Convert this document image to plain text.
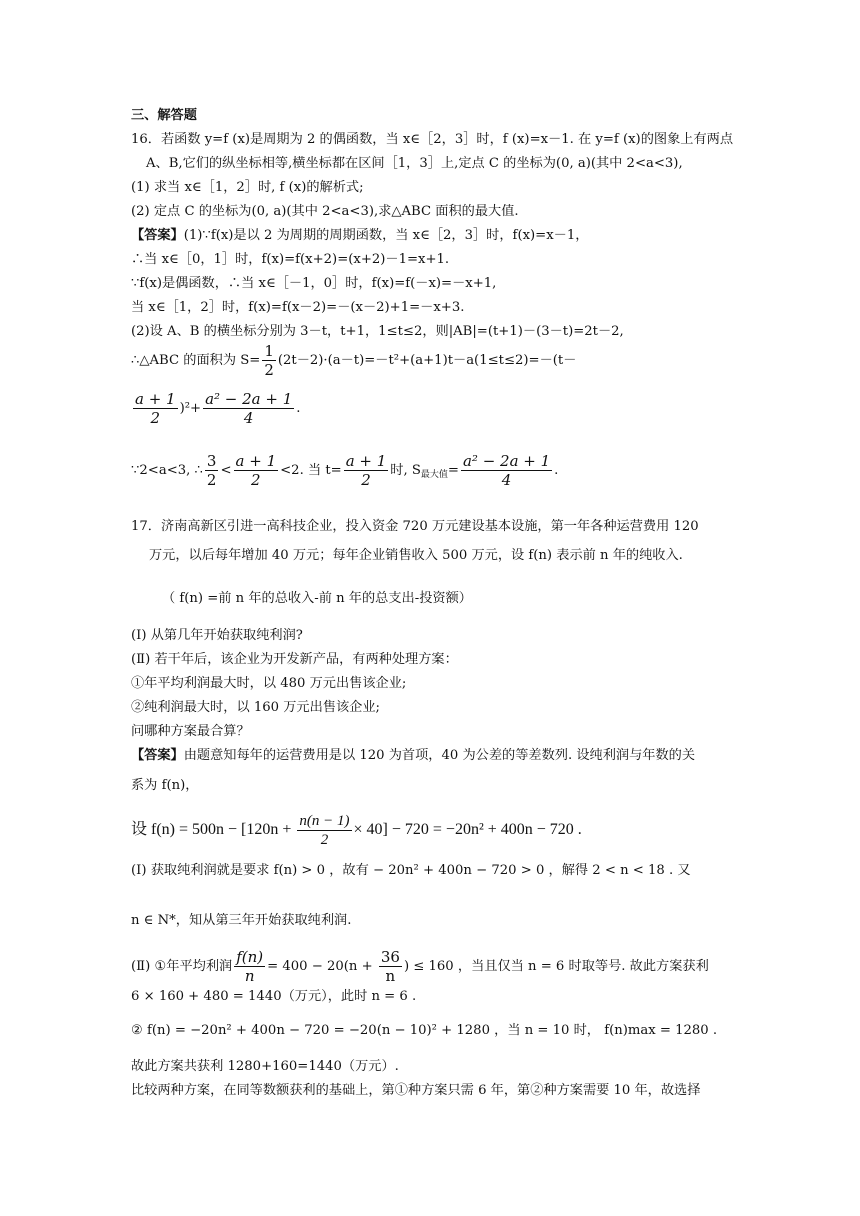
三、解答题
16．若函数 y=f (x)是周期为 2 的偶函数，当 x∈［2，3］时，f (x)=x－1. 在 y=f (x)的图象上有两点
A、B,它们的纵坐标相等,横坐标都在区间［1，3］上,定点 C 的坐标为(0, a)(其中 2<a<3),
(1) 求当 x∈［1，2］时, f (x)的解析式;
(2) 定点 C 的坐标为(0, a)(其中 2<a<3),求△ABC 面积的最大值.
【答案】(1)∵f(x)是以 2 为周期的周期函数，当 x∈［2，3］时，f(x)=x－1，
∴当 x∈［0，1］时，f(x)=f(x+2)=(x+2)－1=x+1.
∵f(x)是偶函数，∴当 x∈［－1，0］时，f(x)=f(－x)=－x+1,
当 x∈［1，2］时，f(x)=f(x－2)=－(x－2)+1=－x+3.
(2)设 A、B 的横坐标分别为 3－t，t+1，1≤t≤2，则|AB|=(t+1)－(3－t)=2t－2,
∴△ABC 的面积为 $S= \frac{1}{2} (2t-2)\cdot(a-t)=-t^2+(a+1)t-a(1\le t\le 2)=-(t-$
$\frac{a + 1}{2} )^2+ \frac{\text{a² − 2a + 1}}{4}$ .
∵2<a<3, ∴ $\frac{3}{2} < \frac{a + 1}{2} <2$. 当 $t= \frac{a + 1}{2}$ 时, $S_{最大值}= \frac{\text{a² − 2a + 1}}{4}$ .
17．济南高新区引进一高科技企业，投入资金 720 万元建设基本设施，第一年各种运营费用 120
万元，以后每年增加 40 万元；每年企业销售收入 500 万元，设 f(n) 表示前 n 年的纯收入.
（ f(n) =前 n 年的总收入-前 n 年的总支出-投资额）
(Ⅰ) 从第几年开始获取纯利润?
(Ⅱ) 若干年后，该企业为开发新产品，有两种处理方案：
①年平均利润最大时，以 480 万元出售该企业;
②纯利润最大时，以 160 万元出售该企业;
问哪种方案最合算？
【答案】由题意知每年的运营费用是以 120 为首项，40 为公差的等差数列. 设纯利润与年数的关
系为 f(n)，
设 $f(n) = 500n - [120n + \frac{n(n - 1)}{2} \times 40] - 720 = -20n^2 + 400n - 720$ .
(Ⅰ) 获取纯利润就是要求 f(n) > 0 ，故有 − 20n² + 400n − 720 > 0 ，解得 2 < n < 18 . 又
n ∈ N*，知从第三年开始获取纯利润.
(Ⅱ) ①年平均利润 $\frac{f(n)}{n} = 400 - 20(n + \frac{36}{n}$ ) ≤ 160 ，当且仅当 n = 6 时取等号. 故此方案获利
6 × 160 + 480 = 1440（万元），此时 n = 6 .
② f(n) = −20n² + 400n − 720 = −20(n − 10)² + 1280 ，当 n = 10 时， f(n)max = 1280 .
故此方案共获利 1280+160=1440（万元）.
比较两种方案，在同等数额获利的基础上，第①种方案只需 6 年，第②种方案需要 10 年，故选择
